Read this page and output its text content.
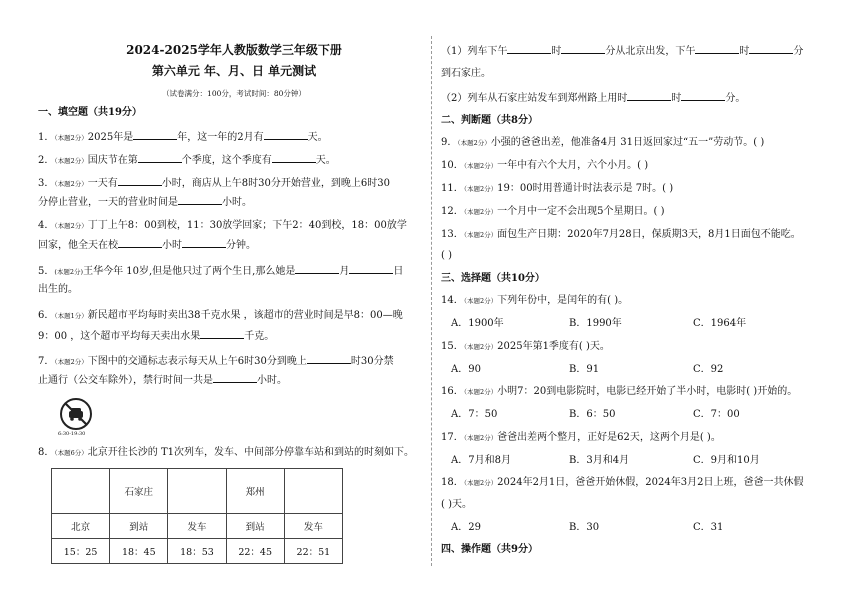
2024-2025学年人教版数学三年级下册
第六单元 年、月、日 单元测试
（试卷满分：100分，考试时间：80分钟）
一、填空题（共19分）
1．（本题2分）2025年是	年，这一年的2月有	天。
2．（本题2分）国庆节在第	个季度，这个季度有	天。
3．（本题2分）一天有	小时，商店从上午8时30分开始营业，到晚上6时30
分停止营业，一天的营业时间是	小时。
4．（本题2分）丁丁上午8：00到校，11：30放学回家；下午2：40到校，18：00放学
回家，他全天在校	小时	分钟。
5．(本题2分)王华今年 10岁,但是他只过了两个生日,那么她是	月	日
出生的。
6．（本题1分）新民超市平均每时卖出38千克水果 ，该超市的营业时间是早8：00—晚
9：00 ，这个超市平均每天卖出水果	千克。
7．（本题2分）下图中的交通标志表示每天从上午6时30分到晚上	时30分禁
止通行（公交车除外），禁行时间一共是	小时。
6:30-19:30
8．（本题6分）北京开往长沙的 T1次列车，发车、中间部分停靠车站和到站的时刻如下。
	石家庄		郑州	
北京	到站	发车	到站	发车
15：25	18：45	18：53	22：45	22：51
（1）列车下午	时	分从北京出发，下午	时	分
到石家庄。
（2）列车从石家庄站发车到郑州路上用时	时	分。
二、判断题（共8分）
9．（本题2分）小强的爸爸出差，他准备4月 31日返回家过“五一”劳动节。( )
10．（本题2分）一年中有六个大月，六个小月。( )
11．（本题2分）19：00时用普通计时法表示是 7时。( )
12．（本题2分）一个月中一定不会出现5个星期日。( )
13．（本题2分）面包生产日期：2020年7月28日，保质期3天，8月1日面包不能吃。
( )
三、选择题（共10分）
14．（本题2分）下列年份中，是闰年的有( )。
A．1900年	B．1990年	C．1964年
15．（本题2分）2025年第1季度有( )天。
A．90	B．91	C．92
16．（本题2分）小明7：20到电影院时，电影已经开始了半小时，电影时( )开始的。
A．7：50	B．6：50	C．7：00
17．（本题2分）爸爸出差两个整月，正好是62天，这两个月是( )。
A．7月和8月	B．3月和4月	C．9月和10月
18．（本题2分）2024年2月1日，爸爸开始休假，2024年3月2日上班，爸爸一共休假
( )天。
A．29	B．30	C．31
四、操作题（共9分）
